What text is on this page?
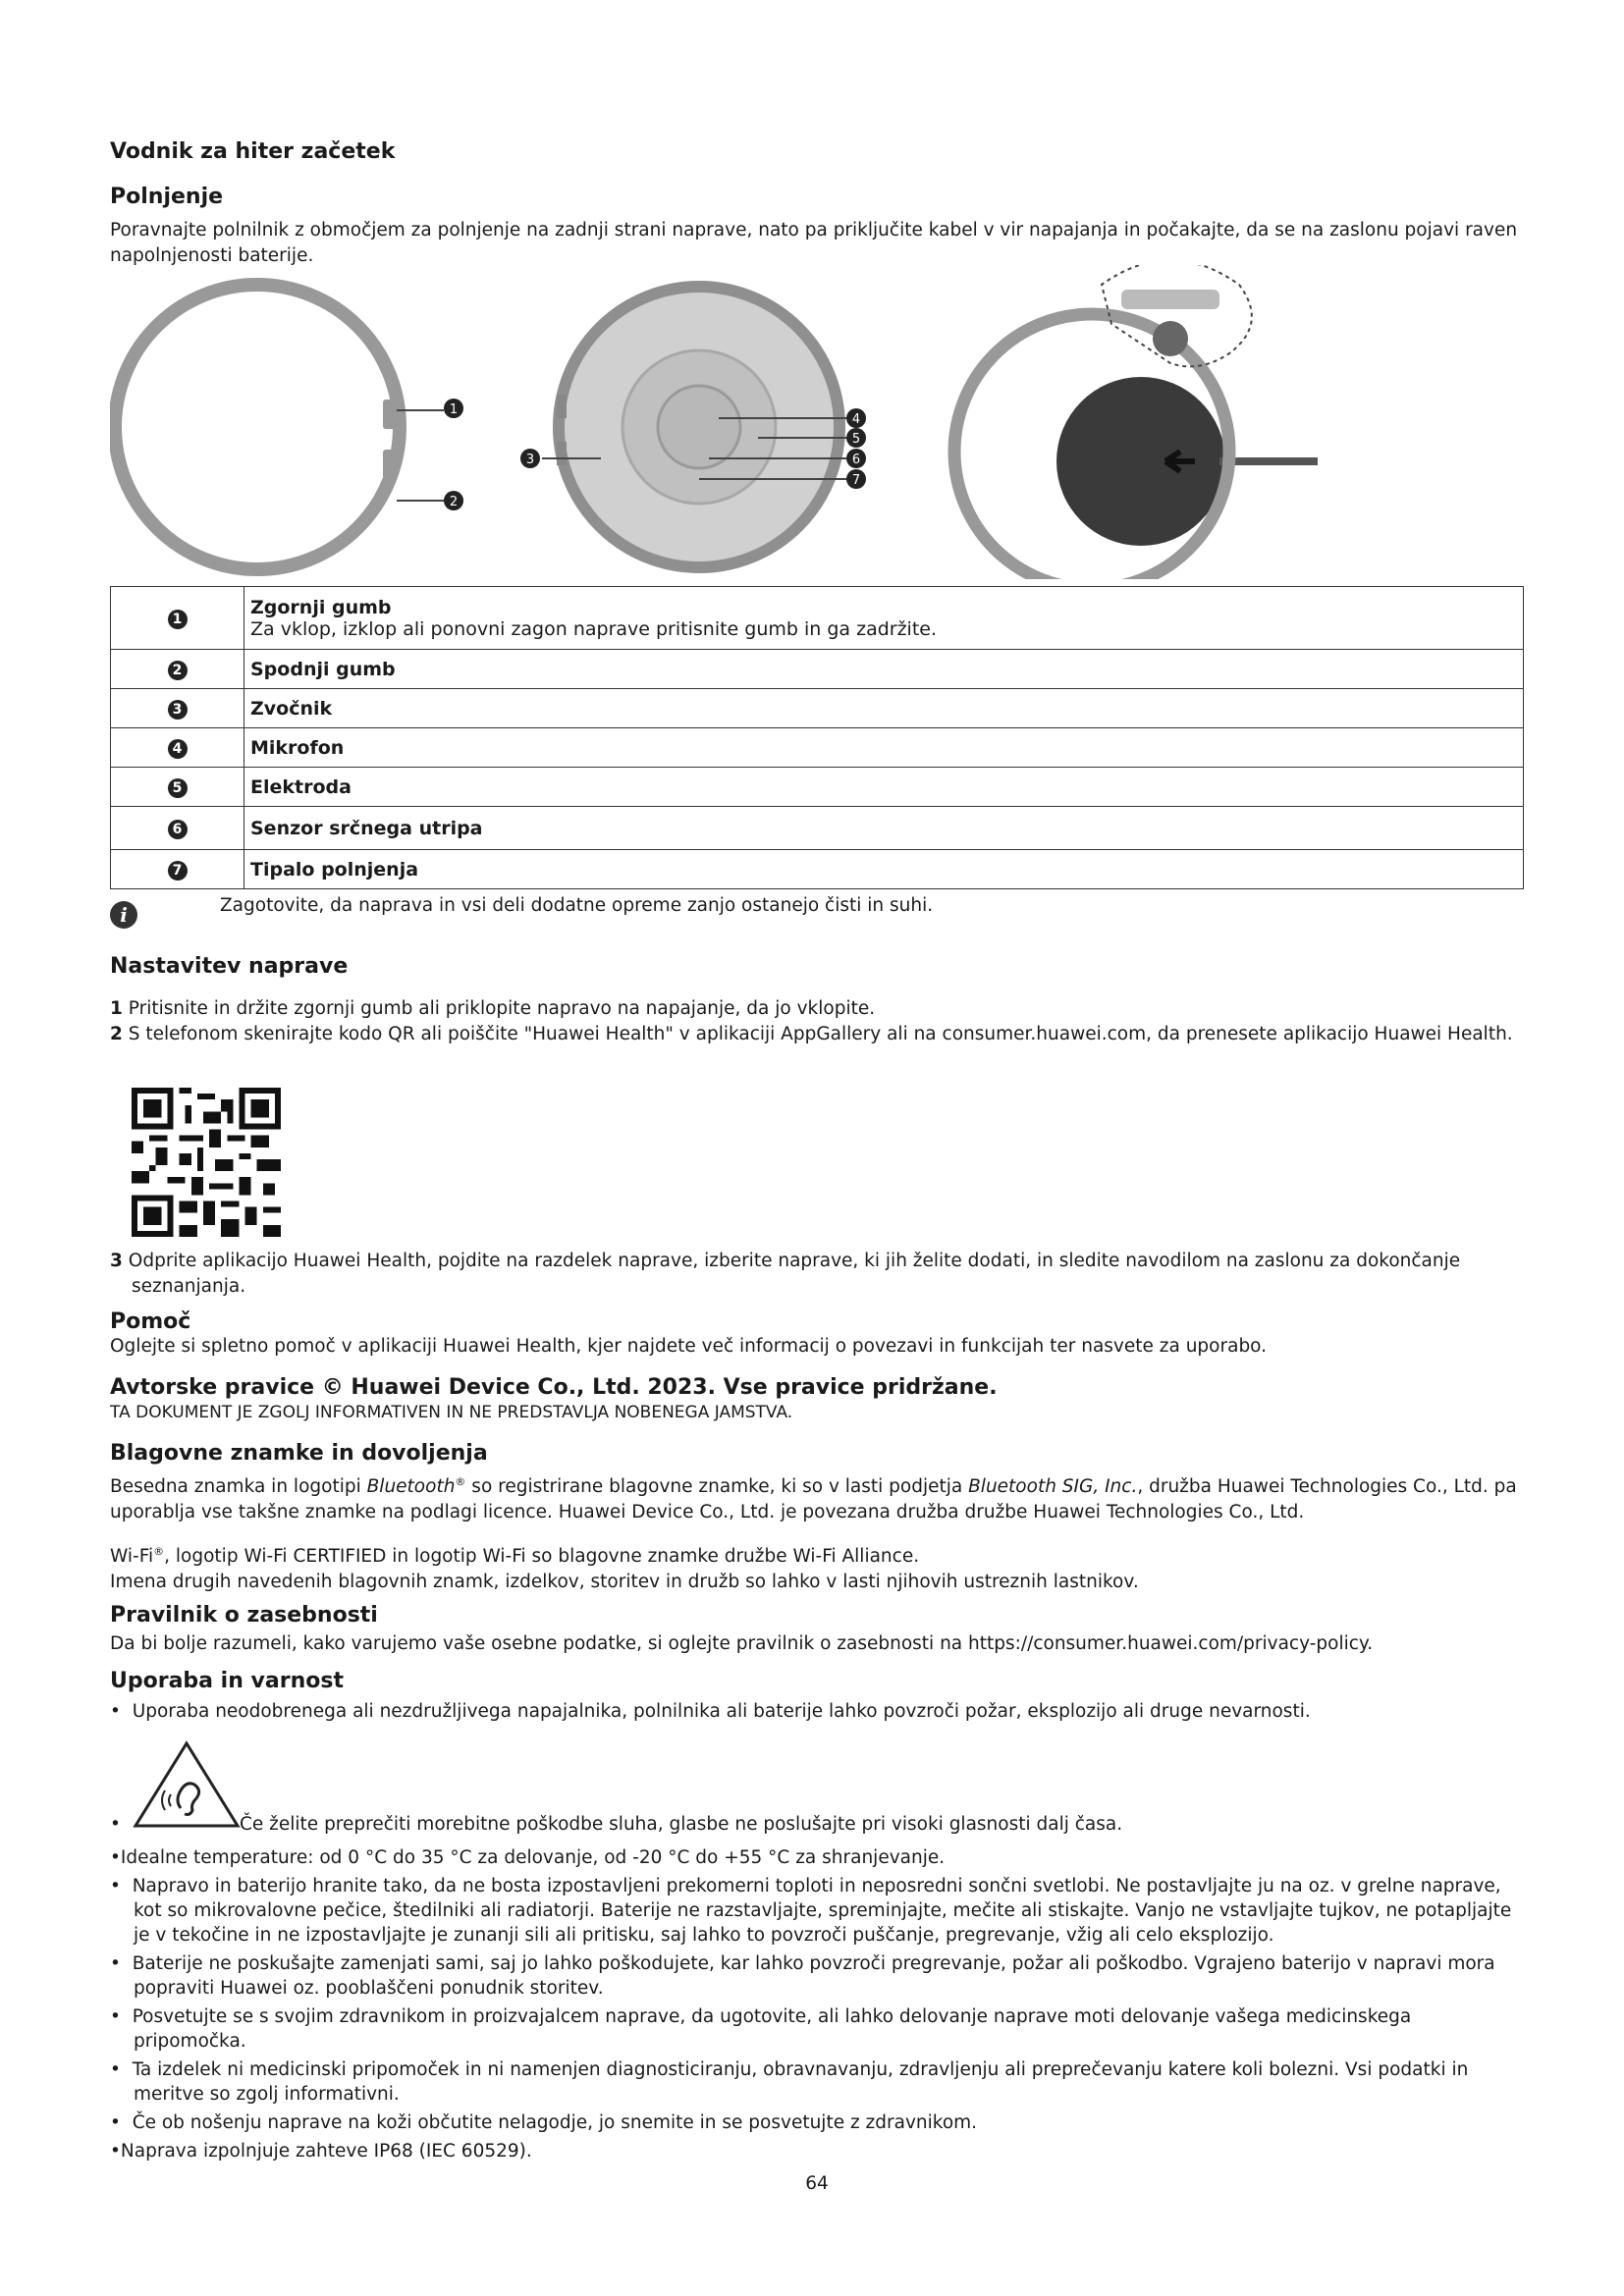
Vodnik za hiter začetek
Polnjenje

Poravnajte polnilnik z območjem za polnjenje na zadnji strani naprave, nato pa priključite kabel v vir napajanja in počakajte, da se na zaslonu pojavi raven napolnjenosti baterije.

1
2
3
4
5
6
7
1	Zgornji gumb
Za vklop, izklop ali ponovni zagon naprave pritisnite gumb in ga zadržite.

2	Spodnji gumb
3	Zvočnik
4	Mikrofon
5	Elektroda
6	Senzor srčnega utripa
7	Tipalo polnjenja
i	Zagotovite, da naprava in vsi deli dodatne opreme zanjo ostanejo čisti in suhi.

Nastavitev naprave
1 Pritisnite in držite zgornji gumb ali priklopite napravo na napajanje, da jo vklopite.
2 S telefonom skenirajte kodo QR ali poiščite "Huawei Health" v aplikaciji AppGallery ali na consumer.huawei.com, da prenesete aplikacijo Huawei Health.
3 Odprite aplikacijo Huawei Health, pojdite na razdelek naprave, izberite naprave, ki jih želite dodati, in sledite navodilom na zaslonu za dokončanje seznanjanja.
Pomoč

Oglejte si spletno pomoč v aplikaciji Huawei Health, kjer najdete več informacij o povezavi in funkcijah ter nasvete za uporabo.

Avtorske pravice © Huawei Device Co., Ltd. 2023. Vse pravice pridržane.

TA DOKUMENT JE ZGOLJ INFORMATIVEN IN NE PREDSTAVLJA NOBENEGA JAMSTVA.

Blagovne znamke in dovoljenja

Besedna znamka in logotipi Bluetooth® so registrirane blagovne znamke, ki so v lasti podjetja Bluetooth SIG, Inc., družba Huawei Technologies Co., Ltd. pa uporablja vse takšne znamke na podlagi licence. Huawei Device Co., Ltd. je povezana družba družbe Huawei Technologies Co., Ltd.

Wi-Fi®, logotip Wi-Fi CERTIFIED in logotip Wi-Fi so blagovne znamke družbe Wi-Fi Alliance.

Imena drugih navedenih blagovnih znamk, izdelkov, storitev in družb so lahko v lasti njihovih ustreznih lastnikov.

Pravilnik o zasebnosti

Da bi bolje razumeli, kako varujemo vaše osebne podatke, si oglejte pravilnik o zasebnosti na https://consumer.huawei.com/privacy-policy.

Uporaba in varnost
• Uporaba neodobrenega ali nezdružljivega napajalnika, polnilnika ali baterije lahko povzroči požar, eksplozijo ali druge nevarnosti.
•	Če želite preprečiti morebitne poškodbe sluha, glasbe ne poslušajte pri visoki glasnosti dalj časa.

•Idealne temperature: od 0 °C do 35 °C za delovanje, od -20 °C do +55 °C za shranjevanje.
• Napravo in baterijo hranite tako, da ne bosta izpostavljeni prekomerni toploti in neposredni sončni svetlobi. Ne postavljajte ju na oz. v grelne naprave, kot so mikrovalovne pečice, štedilniki ali radiatorji. Baterije ne razstavljajte, spreminjajte, mečite ali stiskajte. Vanjo ne vstavljajte tujkov, ne potapljajte je v tekočine in ne izpostavljajte je zunanji sili ali pritisku, saj lahko to povzroči puščanje, pregrevanje, vžig ali celo eksplozijo.
• Baterije ne poskušajte zamenjati sami, saj jo lahko poškodujete, kar lahko povzroči pregrevanje, požar ali poškodbo. Vgrajeno baterijo v napravi mora popraviti Huawei oz. pooblaščeni ponudnik storitev.
• Posvetujte se s svojim zdravnikom in proizvajalcem naprave, da ugotovite, ali lahko delovanje naprave moti delovanje vašega medicinskega pripomočka.
• Ta izdelek ni medicinski pripomoček in ni namenjen diagnosticiranju, obravnavanju, zdravljenju ali preprečevanju katere koli bolezni. Vsi podatki in meritve so zgolj informativni.
• Če ob nošenju naprave na koži občutite nelagodje, jo snemite in se posvetujte z zdravnikom.
•Naprava izpolnjuje zahteve IP68 (IEC 60529).
64
